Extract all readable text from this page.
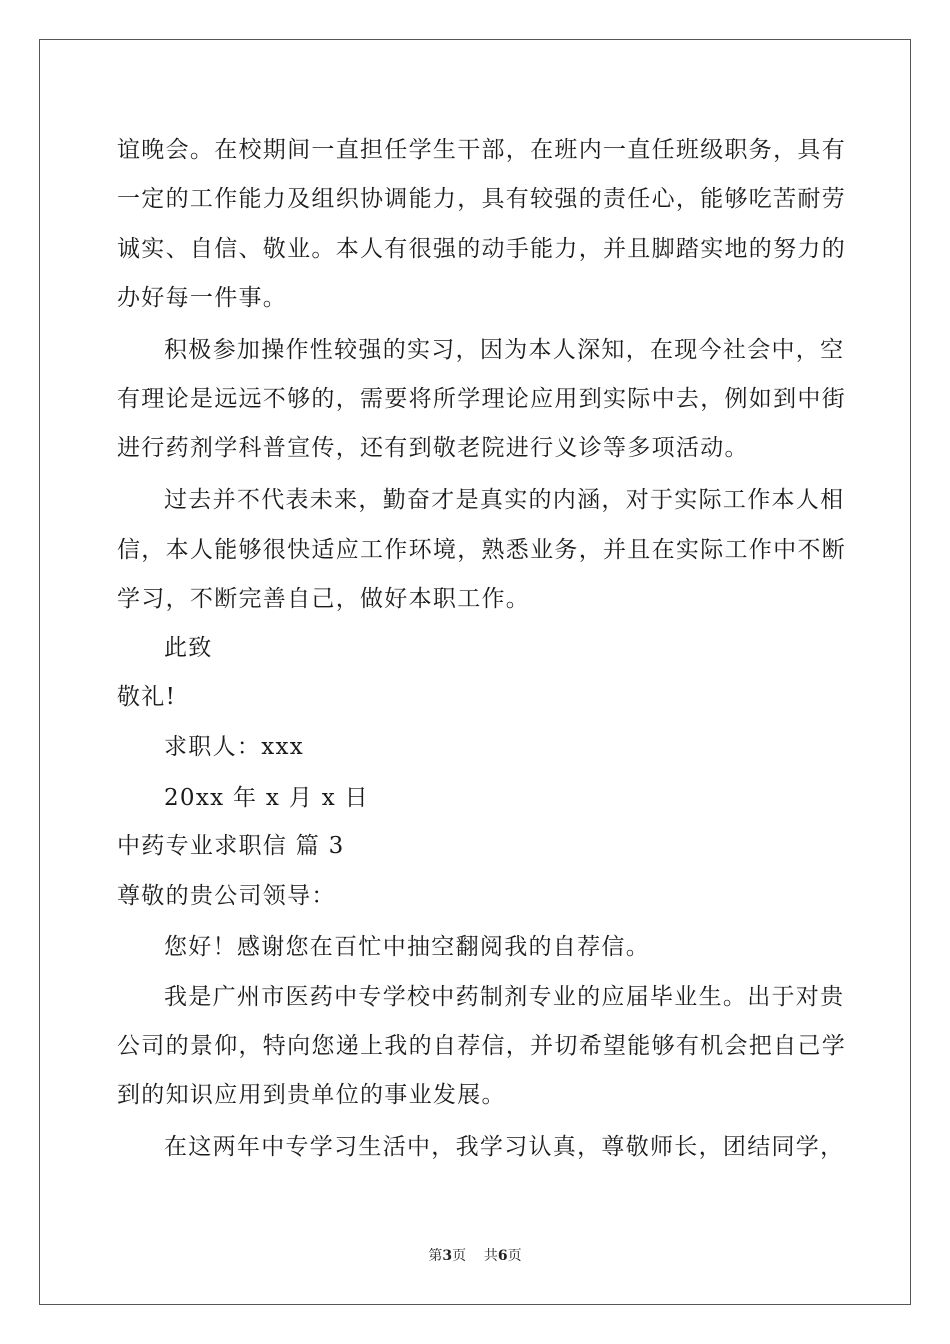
谊晚会。在校期间一直担任学生干部，在班内一直任班级职务，具有
一定的工作能力及组织协调能力，具有较强的责任心，能够吃苦耐劳
诚实、自信、敬业。本人有很强的动手能力，并且脚踏实地的努力的
办好每一件事。
积极参加操作性较强的实习，因为本人深知，在现今社会中，空
有理论是远远不够的，需要将所学理论应用到实际中去，例如到中街
进行药剂学科普宣传，还有到敬老院进行义诊等多项活动。
过去并不代表未来，勤奋才是真实的内涵，对于实际工作本人相
信，本人能够很快适应工作环境，熟悉业务，并且在实际工作中不断
学习，不断完善自己，做好本职工作。
此致
敬礼!
求职人：xxx
20xx 年 x 月 x 日
中药专业求职信 篇 3
尊敬的贵公司领导：
您好！感谢您在百忙中抽空翻阅我的自荐信。
我是广州市医药中专学校中药制剂专业的应届毕业生。出于对贵
公司的景仰，特向您递上我的自荐信，并切希望能够有机会把自己学
到的知识应用到贵单位的事业发展。
在这两年中专学习生活中，我学习认真，尊敬师长，团结同学，
第3页    共6页
